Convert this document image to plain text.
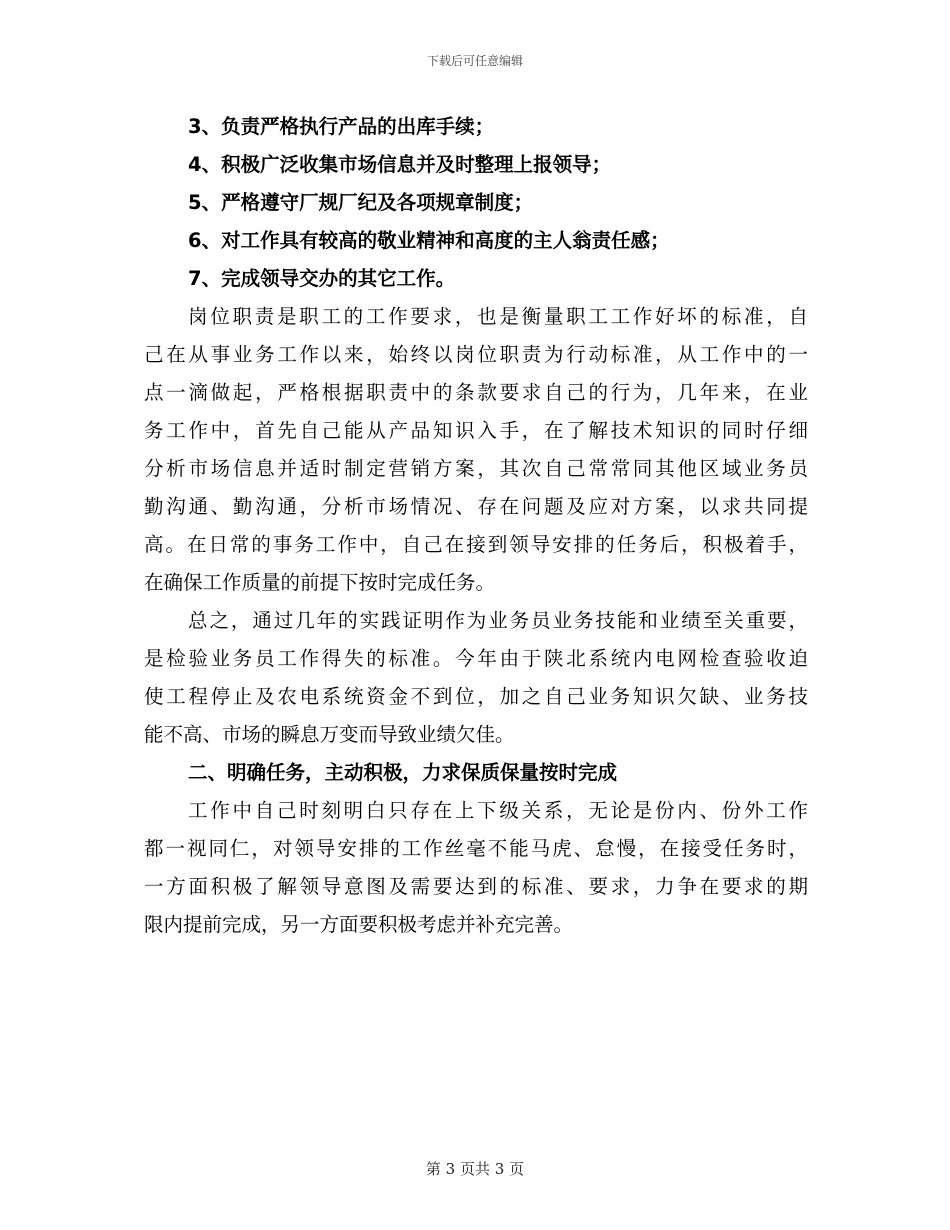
下载后可任意编辑
3、负责严格执行产品的出库手续；
4、积极广泛收集市场信息并及时整理上报领导；
5、严格遵守厂规厂纪及各项规章制度；
6、对工作具有较高的敬业精神和高度的主人翁责任感；
7、完成领导交办的其它工作。
岗位职责是职工的工作要求，也是衡量职工工作好坏的标准，自
己在从事业务工作以来，始终以岗位职责为行动标准，从工作中的一
点一滴做起，严格根据职责中的条款要求自己的行为，几年来，在业
务工作中，首先自己能从产品知识入手，在了解技术知识的同时仔细
分析市场信息并适时制定营销方案，其次自己常常同其他区域业务员
勤沟通、勤沟通，分析市场情况、存在问题及应对方案，以求共同提
高。在日常的事务工作中，自己在接到领导安排的任务后，积极着手，
在确保工作质量的前提下按时完成任务。
总之，通过几年的实践证明作为业务员业务技能和业绩至关重要，
是检验业务员工作得失的标准。今年由于陕北系统内电网检查验收迫
使工程停止及农电系统资金不到位，加之自己业务知识欠缺、业务技
能不高、市场的瞬息万变而导致业绩欠佳。
二、明确任务，主动积极，力求保质保量按时完成
工作中自己时刻明白只存在上下级关系，无论是份内、份外工作
都一视同仁，对领导安排的工作丝毫不能马虎、怠慢，在接受任务时，
一方面积极了解领导意图及需要达到的标准、要求，力争在要求的期
限内提前完成，另一方面要积极考虑并补充完善。
第 3 页共 3 页
